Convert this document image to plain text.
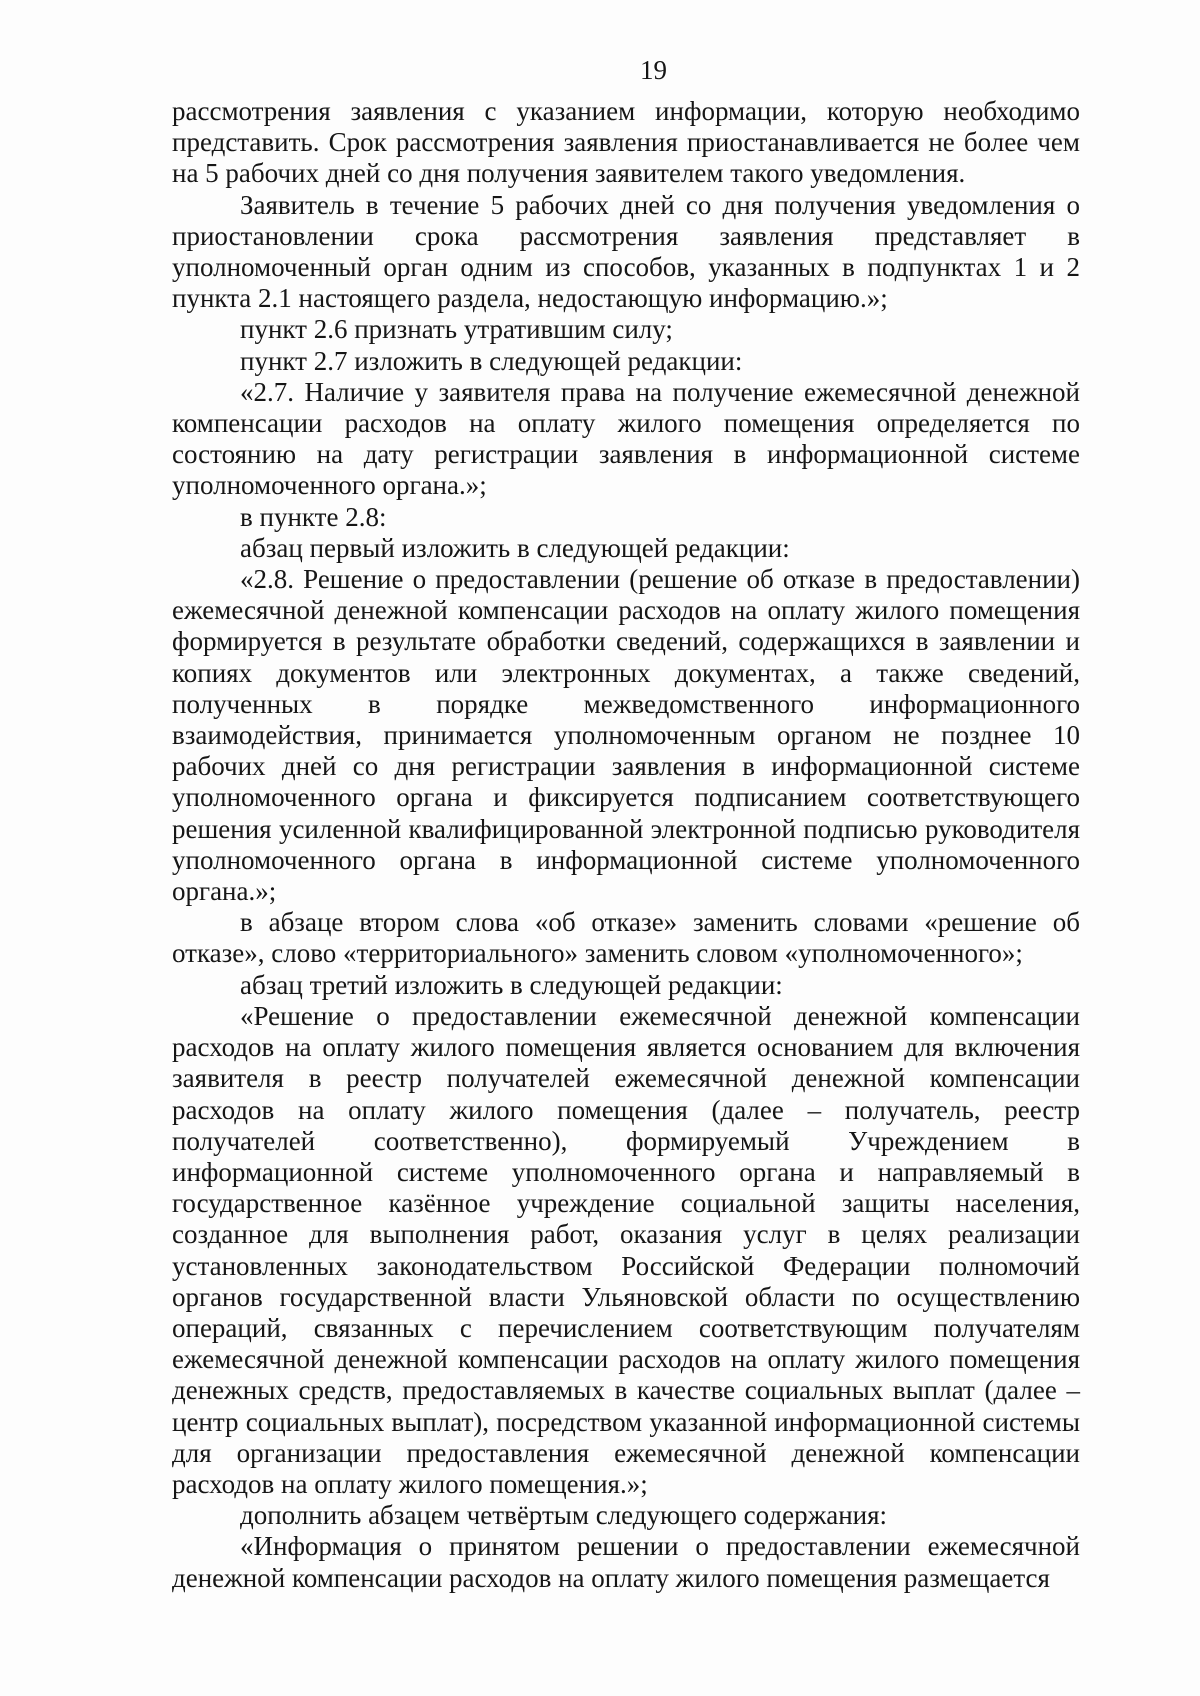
19

рассмотрения заявления с указанием информации, которую необходимо представить. Срок рассмотрения заявления приостанавливается не более чем на 5 рабочих дней со дня получения заявителем такого уведомления.

Заявитель в течение 5 рабочих дней со дня получения уведомления о приостановлении срока рассмотрения заявления представляет в уполномоченный орган одним из способов, указанных в подпунктах 1 и 2 пункта 2.1 настоящего раздела, недостающую информацию.»;

пункт 2.6 признать утратившим силу;

пункт 2.7 изложить в следующей редакции:

«2.7. Наличие у заявителя права на получение ежемесячной денежной компенсации расходов на оплату жилого помещения определяется по состоянию на дату регистрации заявления в информационной системе уполномоченного органа.»;

в пункте 2.8:

абзац первый изложить в следующей редакции:

«2.8. Решение о предоставлении (решение об отказе в предоставлении) ежемесячной денежной компенсации расходов на оплату жилого помещения формируется в результате обработки сведений, содержащихся в заявлении и копиях документов или электронных документах, а также сведений, полученных в порядке межведомственного информационного взаимодействия, принимается уполномоченным органом не позднее 10 рабочих дней со дня регистрации заявления в информационной системе уполномоченного органа и фиксируется подписанием соответствующего решения усиленной квалифицированной электронной подписью руководителя уполномоченного органа в информационной системе уполномоченного органа.»;

в абзаце втором слова «об отказе» заменить словами «решение об отказе», слово «территориального» заменить словом «уполномоченного»;

абзац третий изложить в следующей редакции:

«Решение о предоставлении ежемесячной денежной компенсации расходов на оплату жилого помещения является основанием для включения заявителя в реестр получателей ежемесячной денежной компенсации расходов на оплату жилого помещения (далее – получатель, реестр получателей соответственно), формируемый Учреждением в информационной системе уполномоченного органа и направляемый в государственное казённое учреждение социальной защиты населения, созданное для выполнения работ, оказания услуг в целях реализации установленных законодательством Российской Федерации полномочий органов государственной власти Ульяновской области по осуществлению операций, связанных с перечислением соответствующим получателям ежемесячной денежной компенсации расходов на оплату жилого помещения денежных средств, предоставляемых в качестве социальных выплат (далее – центр социальных выплат), посредством указанной информационной системы для организации предоставления ежемесячной денежной компенсации расходов на оплату жилого помещения.»;

дополнить абзацем четвёртым следующего содержания:

«Информация о принятом решении о предоставлении ежемесячной денежной компенсации расходов на оплату жилого помещения размещается
